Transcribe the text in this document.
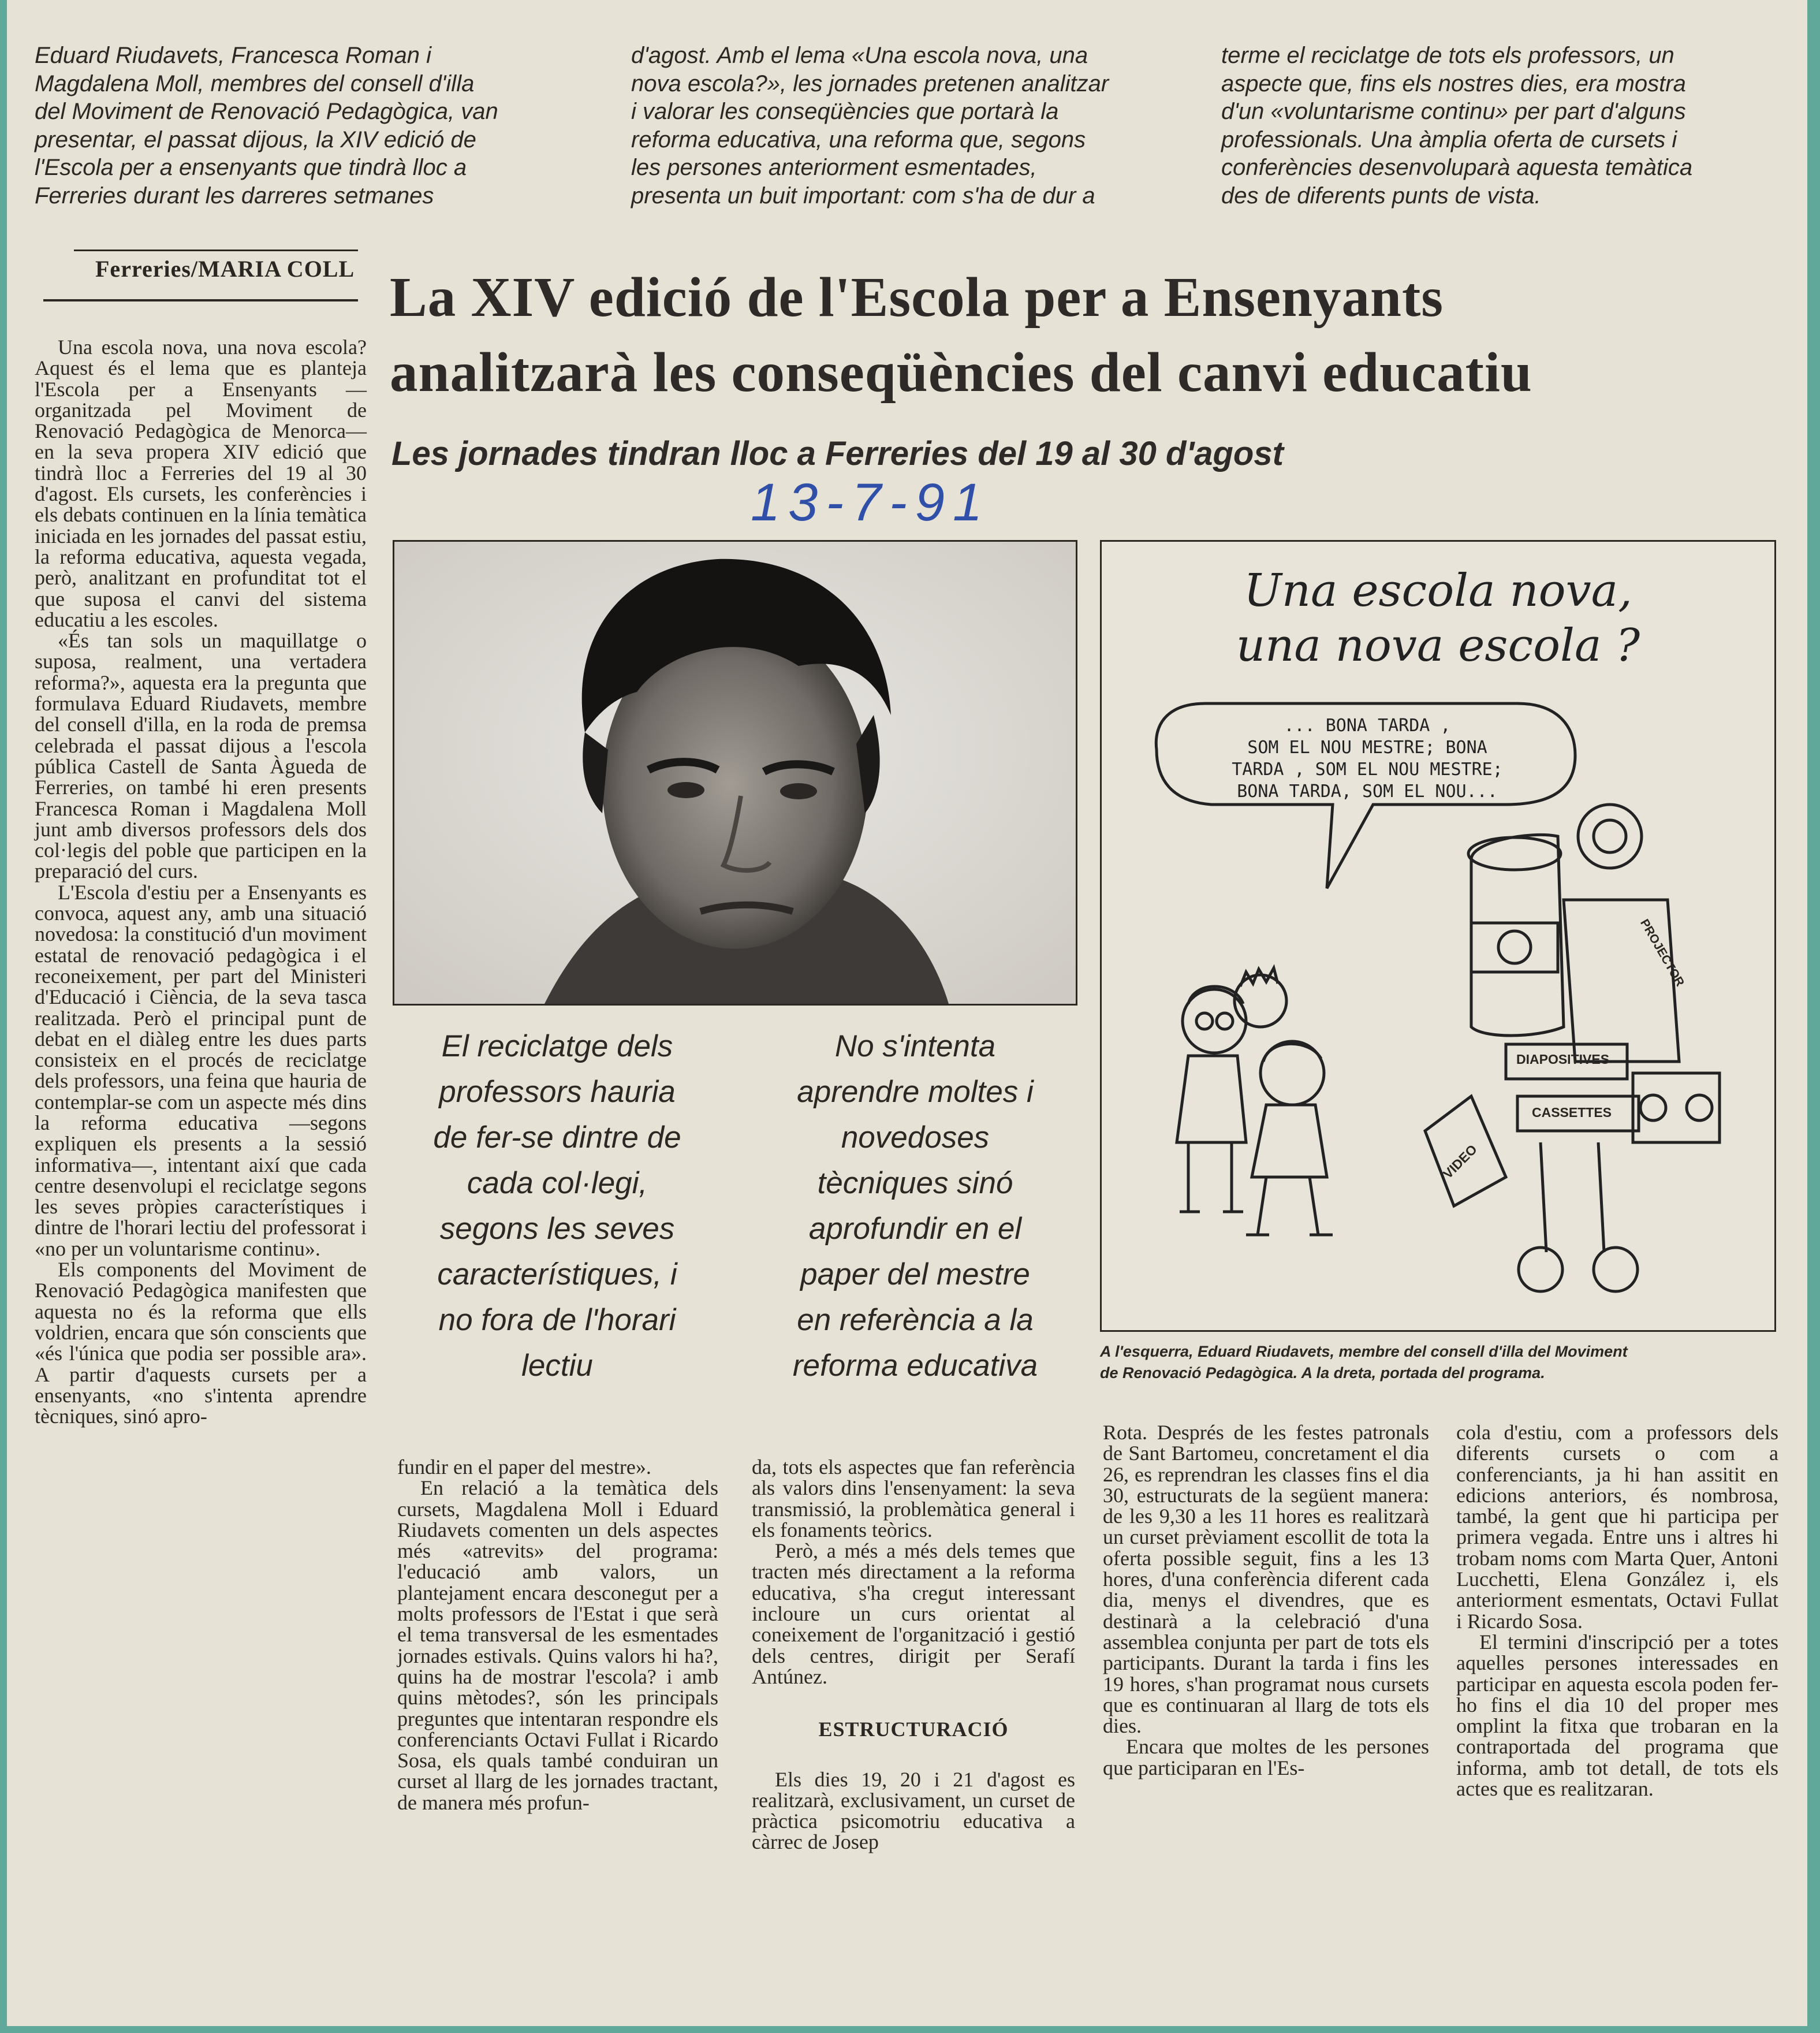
Eduard Riudavets, Francesca Roman i
Magdalena Moll, membres del consell d'illa
del Moviment de Renovació Pedagògica, van
presentar, el passat dijous, la XIV edició de
l'Escola per a ensenyants que tindrà lloc a
Ferreries durant les darreres setmanes
d'agost. Amb el lema «Una escola nova, una
nova escola?», les jornades pretenen analitzar
i valorar les conseqüències que portarà la
reforma educativa, una reforma que, segons
les persones anteriorment esmentades,
presenta un buit important: com s'ha de dur a
terme el reciclatge de tots els professors, un
aspecte que, fins els nostres dies, era mostra
d'un «voluntarisme continu» per part d'alguns
professionals. Una àmplia oferta de cursets i
conferències desenvoluparà aquesta temàtica
des de diferents punts de vista.
Ferreries/MARIA COLL La XIV edició de l'Escola per a Ensenyants
analitzarà les conseqüències del canvi educatiu
Les jornades tindran lloc a Ferreries del 19 al 30 d'agost
13-7-91

Una escola nova, una nova escola? Aquest és el lema que es planteja l'Escola per a Ensenyants —organitzada pel Moviment de Renovació Pedagògica de Menorca— en la seva propera XIV edició que tindrà lloc a Ferreries del 19 al 30 d'agost. Els cursets, les conferències i els debats continuen en la línia temàtica iniciada en les jornades del passat estiu, la reforma educativa, aquesta vegada, però, analitzant en profunditat tot el que suposa el canvi del sistema educatiu a les escoles.

«És tan sols un maquillatge o suposa, realment, una vertadera reforma?», aquesta era la pregunta que formulava Eduard Riudavets, membre del consell d'illa, en la roda de premsa celebrada el passat dijous a l'escola pública Castell de Santa Àgueda de Ferreries, on també hi eren presents Francesca Roman i Magdalena Moll junt amb diversos professors dels dos col·legis del poble que participen en la preparació del curs.

L'Escola d'estiu per a Ensenyants es convoca, aquest any, amb una situació novedosa: la constitució d'un moviment estatal de renovació pedagògica i el reconeixement, per part del Ministeri d'Educació i Ciència, de la seva tasca realitzada. Però el principal punt de debat en el diàleg entre les dues parts consisteix en el procés de reciclatge dels professors, una feina que hauria de contemplar-se com un aspecte més dins la reforma educativa —segons expliquen els presents a la sessió informativa—, intentant així que cada centre desenvolupi el reciclatge segons les seves pròpies característiques i dintre de l'horari lectiu del professorat i «no per un voluntarisme continu».

Els components del Moviment de Renovació Pedagògica manifesten que aquesta no és la reforma que ells voldrien, encara que són conscients que «és l'única que podia ser possible ara». A partir d'aquests cursets per a ensenyants, «no s'intenta aprendre tècniques, sinó apro-

El reciclatge dels
professors hauria
de fer-se dintre de
cada col·legi,
segons les seves
característiques, i
no fora de l'horari
lectiu
No s'intenta
aprendre moltes i
novedoses
tècniques sinó
aprofundir en el
paper del mestre
en referència a la
reforma educativa
Una escola nova,
una nova escola ?
... BONA TARDA ,
SOM EL NOU MESTRE; BONA
TARDA , SOM EL NOU MESTRE;
BONA TARDA, SOM EL NOU...
PROJECTOR
DIAPOSITIVES
CASSETTES
VIDEO
A l'esquerra, Eduard Riudavets, membre del consell d'illa del Moviment
de Renovació Pedagògica. A la dreta, portada del programa.

fundir en el paper del mestre».

En relació a la temàtica dels cursets, Magdalena Moll i Eduard Riudavets comenten un dels aspectes més «atrevits» del programa: l'educació amb valors, un plantejament encara desconegut per a molts professors de l'Estat i que serà el tema transversal de les esmentades jornades estivals. Quins valors hi ha?, quins ha de mostrar l'escola? i amb quins mètodes?, són les principals preguntes que intentaran respondre els conferenciants Octavi Fullat i Ricardo Sosa, els quals també conduiran un curset al llarg de les jornades tractant, de manera més profun-

da, tots els aspectes que fan referència als valors dins l'ensenyament: la seva transmissió, la problemàtica general i els fonaments teòrics.

Però, a més a més dels temes que tracten més directament a la reforma educativa, s'ha cregut interessant incloure un curs orientat al coneixement de l'organització i gestió dels centres, dirigit per Serafí Antúnez.

ESTRUCTURACIÓ

Els dies 19, 20 i 21 d'agost es realitzarà, exclusivament, un curset de pràctica psicomotriu educativa a càrrec de Josep

Rota. Després de les festes patronals de Sant Bartomeu, concretament el dia 26, es reprendran les classes fins el dia 30, estructurats de la següent manera: de les 9,30 a les 11 hores es realitzarà un curset prèviament escollit de tota la oferta possible seguit, fins a les 13 hores, d'una conferència diferent cada dia, menys el divendres, que es destinarà a la celebració d'una assemblea conjunta per part de tots els participants. Durant la tarda i fins les 19 hores, s'han programat nous cursets que es continuaran al llarg de tots els dies.

Encara que moltes de les persones que participaran en l'Es-

cola d'estiu, com a professors dels diferents cursets o com a conferenciants, ja hi han assitit en edicions anteriors, és nombrosa, també, la gent que hi participa per primera vegada. Entre uns i altres hi trobam noms com Marta Quer, Antoni Lucchetti, Elena González i, els anteriorment esmentats, Octavi Fullat i Ricardo Sosa.

El termini d'inscripció per a totes aquelles persones interessades en participar en aquesta escola poden fer-ho fins el dia 10 del proper mes omplint la fitxa que trobaran en la contraportada del programa que informa, amb tot detall, de tots els actes que es realitzaran.
